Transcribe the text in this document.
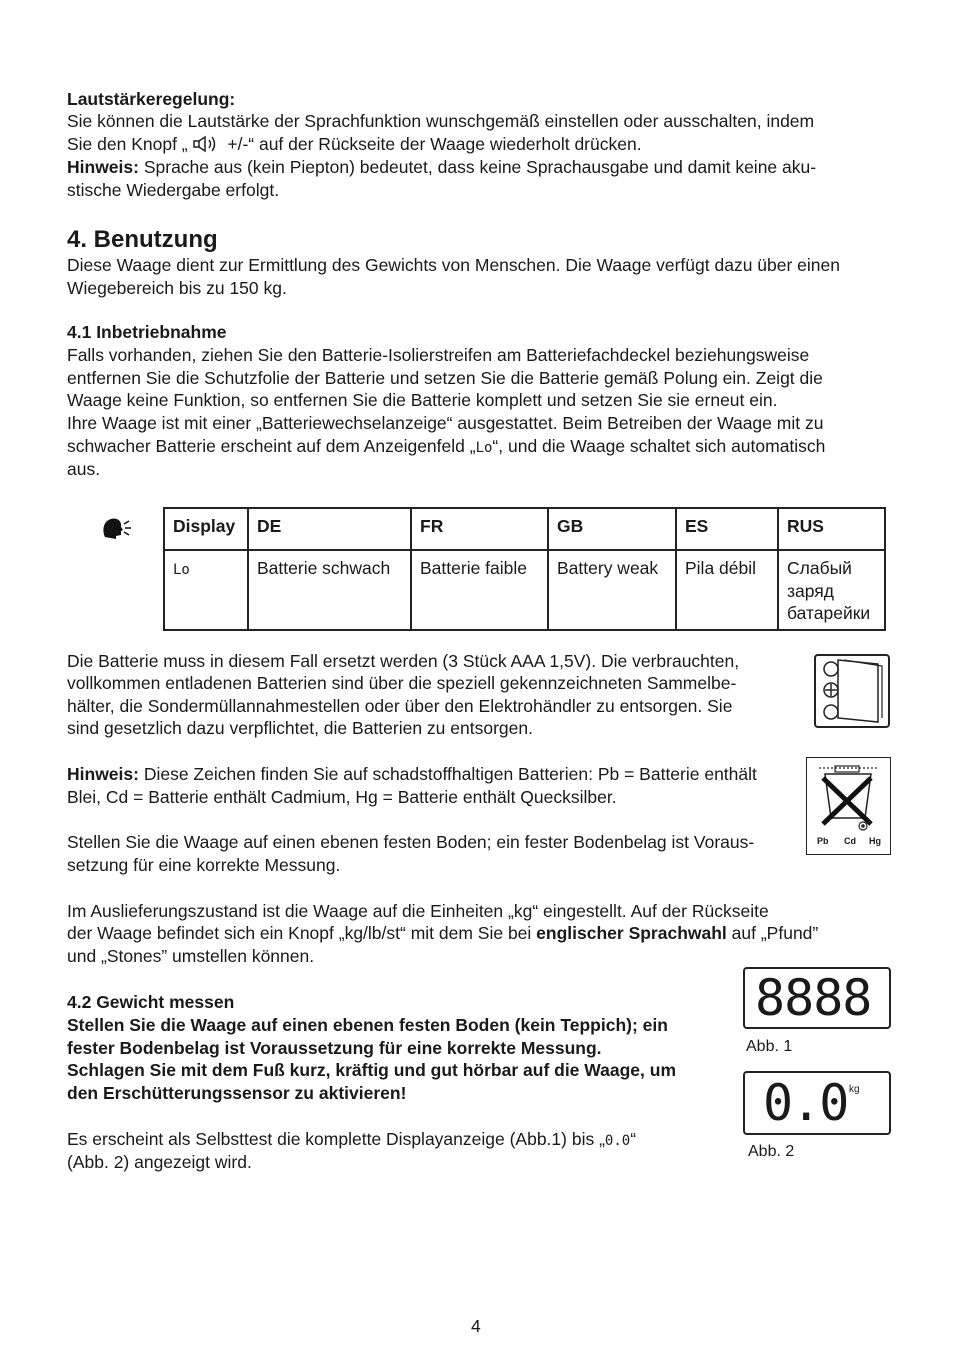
Lautstärkeregelung:

Sie können die Lautstärke der Sprachfunktion wunschgemäß einstellen oder ausschalten, indem

Sie den Knopf „  +/-“ auf der Rückseite der Waage wiederholt drücken.

Hinweis: Sprache aus (kein Piepton) bedeutet, dass keine Sprachausgabe und damit keine aku-

stische Wiedergabe erfolgt.

4. Benutzung

Diese Waage dient zur Ermittlung des Gewichts von Menschen. Die Waage verfügt dazu über einen

Wiegebereich bis zu 150 kg.

4.1 Inbetriebnahme

Falls vorhanden, ziehen Sie den Batterie-Isolierstreifen am Batteriefachdeckel beziehungsweise

entfernen Sie die Schutzfolie der Batterie und setzen Sie die Batterie gemäß Polung ein. Zeigt die

Waage keine Funktion, so entfernen Sie die Batterie komplett und setzen Sie sie erneut ein.

Ihre Waage ist mit einer „Batteriewechselanzeige“ ausgestattet. Beim Betreiben der Waage mit zu

schwacher Batterie erscheint auf dem Anzeigenfeld „Lo“, und die Waage schaltet sich automatisch

aus.

Display	DE	FR	GB	ES	RUS
Lo	Batterie schwach	Batterie faible	Battery weak	Pila débil	Слабый заряд батарейки

Die Batterie muss in diesem Fall ersetzt werden (3 Stück AAA 1,5V). Die verbrauchten,

vollkommen entladenen Batterien sind über die speziell gekennzeichneten Sammelbe-

hälter, die Sondermüllannahmestellen oder über den Elektrohändler zu entsorgen. Sie

sind gesetzlich dazu verpflichtet, die Batterien zu entsorgen.

Hinweis: Diese Zeichen finden Sie auf schadstoffhaltigen Batterien: Pb = Batterie enthält

Blei, Cd = Batterie enthält Cadmium, Hg = Batterie enthält Quecksilber.

Pb Cd Hg

Stellen Sie die Waage auf einen ebenen festen Boden; ein fester Bodenbelag ist Voraus-

setzung für eine korrekte Messung.

Im Auslieferungszustand ist die Waage auf die Einheiten „kg“ eingestellt. Auf der Rückseite

der Waage befindet sich ein Knopf „kg/lb/st“ mit dem Sie bei englischer Sprachwahl auf „Pfund”

und „Stones” umstellen können.

4.2 Gewicht messen

Stellen Sie die Waage auf einen ebenen festen Boden (kein Teppich); ein

fester Bodenbelag ist Voraussetzung für eine korrekte Messung.

Schlagen Sie mit dem Fuß kurz, kräftig und gut hörbar auf die Waage, um

den Erschütterungssensor zu aktivieren!

Es erscheint als Selbsttest die komplette Displayanzeige (Abb.1) bis „0.0“

(Abb. 2) angezeigt wird.

8888

Abb. 1

0.0 kg

Abb. 2

4
